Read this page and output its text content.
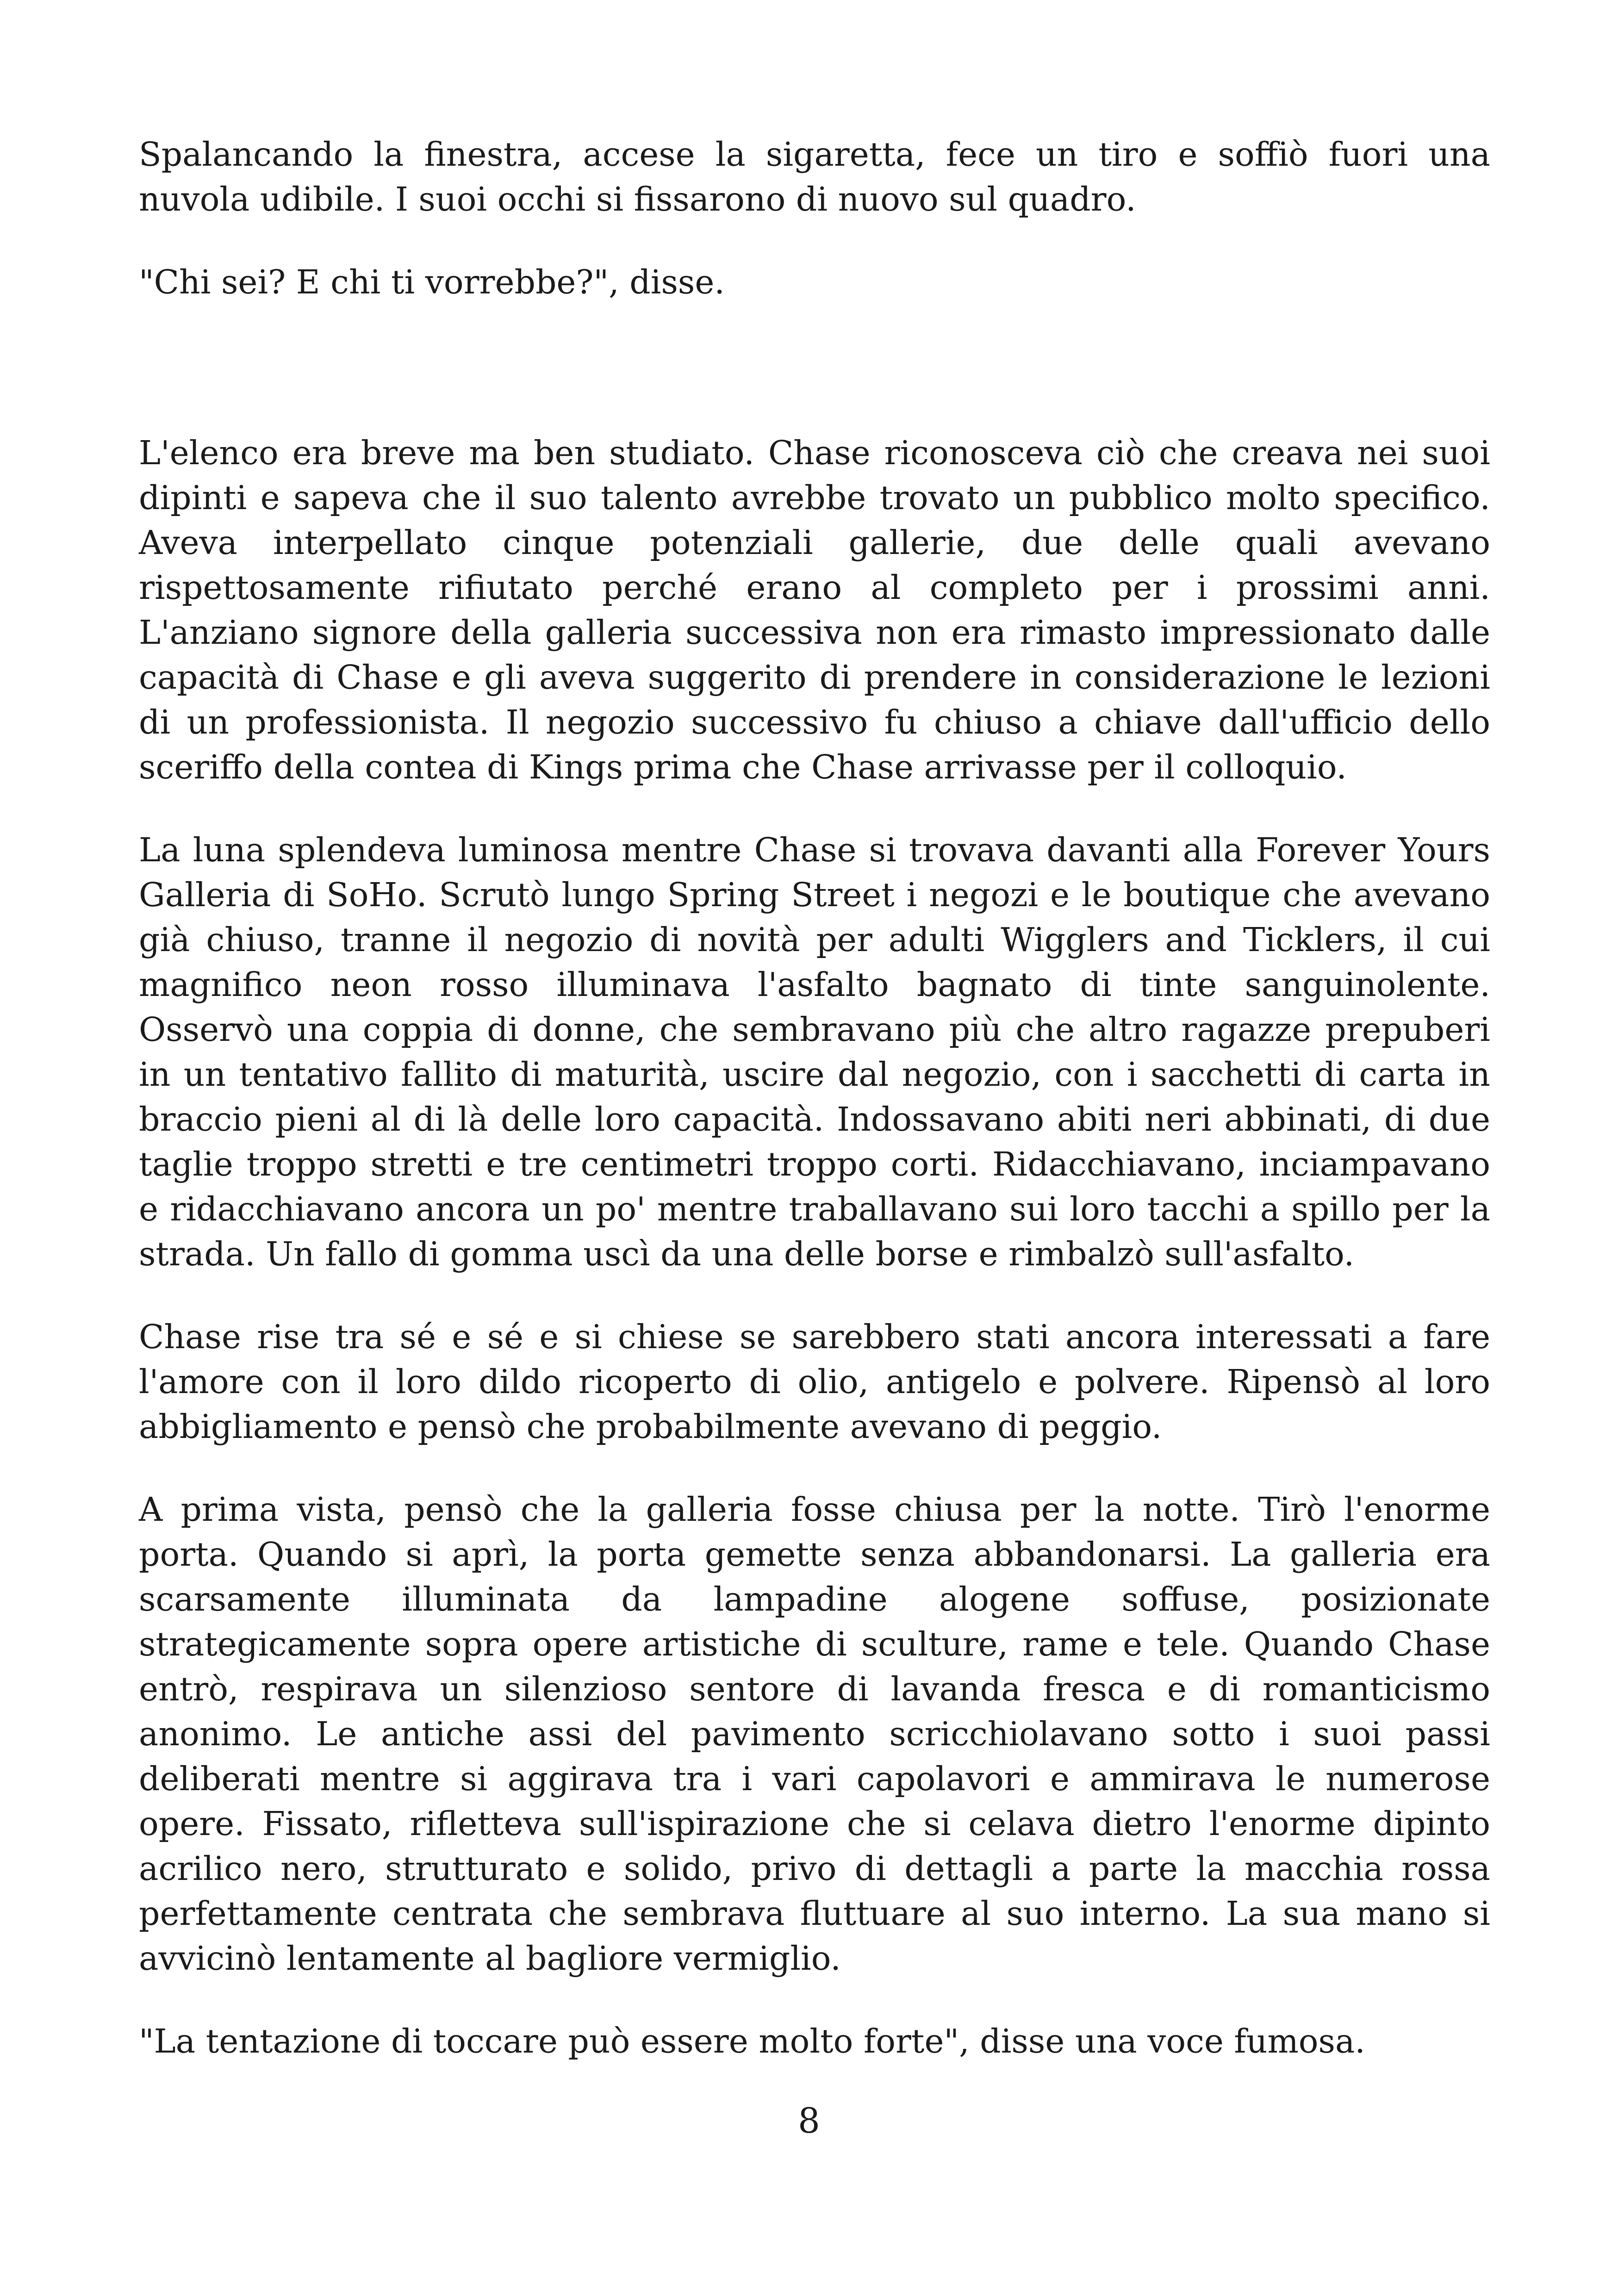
Spalancando la finestra, accese la sigaretta, fece un tiro e soffiò fuori una nuvola udibile. I suoi occhi si fissarono di nuovo sul quadro.

"Chi sei? E chi ti vorrebbe?", disse.

L'elenco era breve ma ben studiato. Chase riconosceva ciò che creava nei suoi dipinti e sapeva che il suo talento avrebbe trovato un pubblico molto specifico. Aveva interpellato cinque potenziali gallerie, due delle quali avevano rispettosamente rifiutato perché erano al completo per i prossimi anni. L'anziano signore della galleria successiva non era rimasto impressionato dalle capacità di Chase e gli aveva suggerito di prendere in considerazione le lezioni di un professionista. Il negozio successivo fu chiuso a chiave dall'ufficio dello sceriffo della contea di Kings prima che Chase arrivasse per il colloquio.

La luna splendeva luminosa mentre Chase si trovava davanti alla Forever Yours Galleria di SoHo. Scrutò lungo Spring Street i negozi e le boutique che avevano già chiuso, tranne il negozio di novità per adulti Wigglers and Ticklers, il cui magnifico neon rosso illuminava l'asfalto bagnato di tinte sanguinolente. Osservò una coppia di donne, che sembravano più che altro ragazze prepuberi in un tentativo fallito di maturità, uscire dal negozio, con i sacchetti di carta in braccio pieni al di là delle loro capacità. Indossavano abiti neri abbinati, di due taglie troppo stretti e tre centimetri troppo corti. Ridacchiavano, inciampavano e ridacchiavano ancora un po' mentre traballavano sui loro tacchi a spillo per la strada. Un fallo di gomma uscì da una delle borse e rimbalzò sull'asfalto.

Chase rise tra sé e sé e si chiese se sarebbero stati ancora interessati a fare l'amore con il loro dildo ricoperto di olio, antigelo e polvere. Ripensò al loro abbigliamento e pensò che probabilmente avevano di peggio.

A prima vista, pensò che la galleria fosse chiusa per la notte. Tirò l'enorme porta. Quando si aprì, la porta gemette senza abbandonarsi. La galleria era scarsamente illuminata da lampadine alogene soffuse, posizionate strategicamente sopra opere artistiche di sculture, rame e tele. Quando Chase entrò, respirava un silenzioso sentore di lavanda fresca e di romanticismo anonimo. Le antiche assi del pavimento scricchiolavano sotto i suoi passi deliberati mentre si aggirava tra i vari capolavori e ammirava le numerose opere. Fissato, rifletteva sull'ispirazione che si celava dietro l'enorme dipinto acrilico nero, strutturato e solido, privo di dettagli a parte la macchia rossa perfettamente centrata che sembrava fluttuare al suo interno. La sua mano si avvicinò lentamente al bagliore vermiglio.

"La tentazione di toccare può essere molto forte", disse una voce fumosa.

8
